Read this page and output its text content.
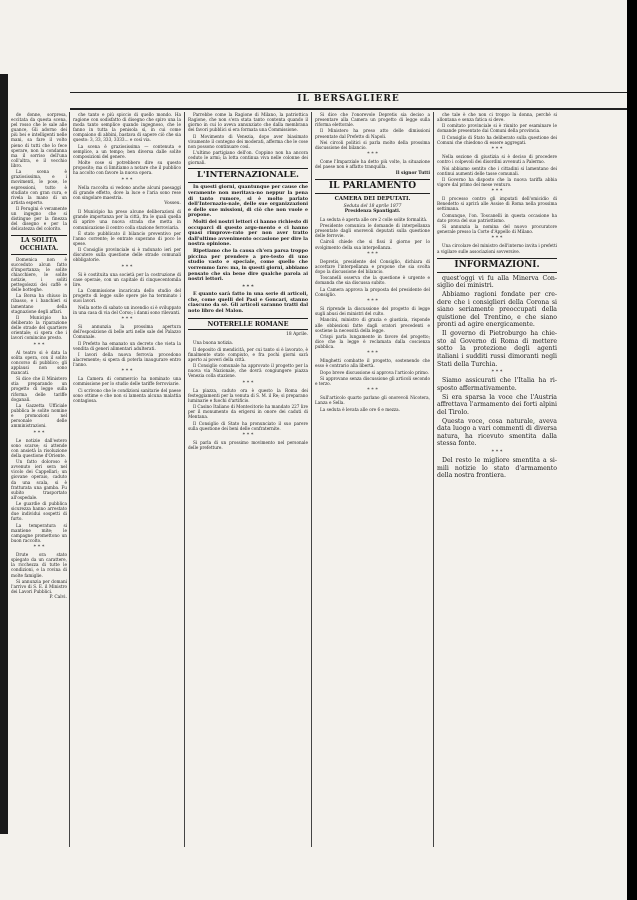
IL BERSAGLIERE
de donne, sorpresa, eccitata da questa scena, pel rosso che le sale alle guance, Gli adorno dei più bei e intelligenti nelle mani, sa fare il volto pieno di tutti che lo fece sperare, non la condanna ma il sorriso dell'una coll'altra, e il vecchio libro.
La scena è graziosissima, e i movimenti, le pose, le espressioni, tutto è studiato con gran cura, e rivela la mano di un artista esperto.
Il Perugini è veramente un ingegno che si distingue per la finezza del disegno e per la delicatezza del colorito.
LA SOLITA OCCHIATA.
Domenica non è succeduto alcun fatto d'importanza; le solite chiacchiere, le solite notizie, i soliti pettegolezzi dei caffè e delle botteghe.
La Borsa ha chiuso in ribasso, e i banchieri si lamentano della stagnazione degli affari.
Il Municipio ha deliberato la riparazione delle strade del quartiere orientale; si spera che i lavori comincino presto.
* * *
Al teatro si è data la solita opera, con il solito concorso di pubblico; gli applausi non sono mancati.
Si dice che il Ministero stia preparando un progetto di legge sulla riforma delle tariffe doganali.
La Gazzetta Ufficiale pubblica le solite nomine e promozioni nel personale delle amministrazioni.
* * *
Le notizie dall'estero sono scarse; si attende con ansietà la risoluzione della questione d'Oriente.
Un fatto doloroso è avvenuto ieri sera nel vicolo dei Cappellari; un giovane operaio, caduto da una scala, si è fratturata una gamba. Fu subito trasportato all'ospedale.
Le guardie di pubblica sicurezza hanno arrestato due individui sospetti di furto.
La temperatura si mantiene mite; le campagne promettono un buon raccolto.
* * *
Drute ora stato spiegato da un carattere, la ricchezza di tutte le condizioni, e la rovina di molte famiglie.
Si annunzia per domani l'arrivo di S. E. il Ministro dei Lavori Pubblici.
P. Calvi.
che tanto e più spiccio di quello mondo. Ha ragione con sodisfatto di disegno che spiro una la moda tanto semplice quando ingegnoso, che le fanno in tutta la penisola sì, in cui come compaiono di abbini, bastava di sapere ciò che sia questo: 3, 33, 333, 3333... e così via.
La scena è graziosissima — contenuta e semplice, a un tempo; ben diversa dalle solite composizioni del genere.
Molte cose si potrebbero dire su questo proposito; ma ci limitiamo a notare che il pubblico ha accolto con favore la nuova opera.
* * *
Nella raccolta si vedono anche alcuni paesaggi di grande effetto, dove la luce e l'aria sono rese con singolare maestria.
Vosseu.
Il Municipio ha preso alcune deliberazioni di grande importanza per la città, fra le quali quella di aprire una nuova strada che metta in comunicazione il centro colla stazione ferroviaria.
È stato pubblicato il bilancio preventivo per l'anno corrente; le entrate superano di poco le spese.
Il Consiglio provinciale si è radunato ieri per discutere sulla questione delle strade comunali obbligatorie.
* * *
Si è costituita una società per la costruzione di case operaie, con un capitale di cinquecentomila lire.
La Commissione incaricata dello studio del progetto di legge sulle opere pie ha terminato i suoi lavori.
Nella notte di sabato un incendio si è sviluppato in una casa di via del Corso; i danni sono rilevanti.
* * *
Si annunzia la prossima apertura dell'esposizione di belle arti nelle sale del Palazzo Comunale.
Il Prefetto ha emanato un decreto che vieta la vendita di generi alimentari adulterati.
I lavori della nuova ferrovia procedono alacremente; si spera di poterla inaugurare entro l'anno.
* * *
La Camera di commercio ha nominato una commissione per lo studio delle tariffe ferroviarie.
Ci scrivono che le condizioni sanitarie del paese sono ottime e che non si lamenta alcuna malattia contagiosa.
Parrebbe come la Ragione di Milano, la patriottica Ragione, che non s'era stata tanto contenta quando il giorno in cui lo aveva annunziato che dalla membrana dei favori pubblici si era formata una Commissione.
Il Movimento di Venezia, dopo aver biasimato vivamente il contegno dei moderati, afferma che le cose non possono continuare così.
L'ultimo partigiano dell'on. Coppino non ha ancora ceduto le armi; la lotta continua viva nelle colonne dei giornali.
L'INTERNAZIONALE.
In questi giorni, quantunque per cause che veramente non meritava-no neppur la pena di tanto rumore, si è molto parlato dell'Internazio-nale, delle sue organizzazioni e delle sue missioni, di ciò che non vuole e propone.
Molti dei nostri lettori ci hanno richiesto di occuparci di questo argo-mento e ci hanno quasi rimprove-rato per non aver tratto dall'ultimo avvenimento occasione per dire la nostra opinione.
Ripetiamo che la causa ch'era parsa troppo piccina per prendere a pre-testo di uno studio vasto e speciale, come quello che vorremmo fare: ma, in questi giorni, abbiamo pensato che sia bene dire qualche parola ai nostri lettori.
* * *
E quanto sarà fatto in una serie di articoli, che, come quelli del Pasi e Goncari, stanno ciascuno da sè. Gli articoli saranno tratti dal noto libro del Malon.
NOTERELLE ROMANE
18 Aprile.
Una buona notizia.
Il deposito di mendicità, per cui tanto si è lavorato, è finalmente stato compiuto, e fra pochi giorni sarà aperto ai poveri della città.
Il Consiglio comunale ha approvato il progetto per la nuova via Nazionale, che dovrà congiungere piazza Venezia colla stazione.
* * *
La piazza, caduto ora è questo la Roma dei festeggiamenti per la venuta di S. M. il Re; si preparano luminarie e fuochi d'artificio.
Il Casino Italiano di Montecitorio ha mandato 227 lire per il monumento da erigersi in onore dei caduti di Mentana.
Il Consiglio di Stato ha pronunciato il suo parere sulla questione dei beni delle confraternite.
* * *
Si parla di un prossimo movimento nel personale delle prefetture.
Si dice che l'onorevole Depretis sia deciso a presentare alla Camera un progetto di legge sulla riforma elettorale.
Il Ministero ha preso atto delle dimissioni presentate dal Prefetto di Napoli.
Nei circoli politici si parla molto della prossima discussione del bilancio.
* * *
Come l'Imparziale ha detto più volte, la situazione del paese non è affatto tranquilla.
Il signor Tutti
IL PARLAMENTO
CAMERA DEI DEPUTATI.
Seduta del 18 aprile 1877
Presidenza Spantigati.
La seduta è aperta alle ore 2 colle solite formalità.
Presidente comunica le domande di interpellanza presentate dagli onorevoli deputati sulla questione delle ferrovie.
Cairoli chiede che si fissi il giorno per lo svolgimento della sua interpellanza.
* * *
Depretis, presidente del Consiglio, dichiara di accettare l'interpellanza e propone che sia svolta dopo la discussione del bilancio.
Toscanelli osserva che la questione è urgente e domanda che sia discussa subito.
La Camera approva la proposta del presidente del Consiglio.
* * *
Si riprende la discussione del progetto di legge sugli abusi dei ministri del culto.
Mancini, ministro di grazia e giustizia, risponde alle obbiezioni fatte dagli oratori precedenti e sostiene la necessità della legge.
Crispi parla lungamente in favore del progetto; dice che la legge è reclamata dalla coscienza pubblica.
* * *
Minghetti combatte il progetto, sostenendo che esso è contrario alla libertà.
Dopo breve discussione si approva l'articolo primo.
Si approvano senza discussione gli articoli secondo e terzo.
* * *
Sull'articolo quarto parlano gli onorevoli Nicotera, Lanza e Sella.
La seduta è levata alle ore 6 e mezza.
che tale è che non ci troppo la donna, perchè si allontana e senza fatica si deve.
Il comitato provinciale si è riunito per esaminare le domande presentate dai Comuni della provincia.
Il Consiglio di Stato ha deliberato sulla questione dei Comuni che chiedono di essere aggregati.
* * *
Nella sezione di giustizia si è deciso di procedere contro i colpevoli dei disordini avvenuti a Palermo.
Noi abbiamo sentito che i cittadini si lamentano dei continui aumenti delle tasse comunali.
Il Governo ha disposto che la nuova tariffa abbia vigore dal primo del mese venturo.
* * *
Il processo contro gli imputati dell'omicidio di Benedetto si aprirà alle Assise di Roma nella prossima settimana.
Comunque, l'on. Toscanelli in questa occasione ha dato prova del suo patriottismo.
Si annunzia la nomina del nuovo procuratore generale presso la Corte d'Appello di Milano.
* * *
Una circolare del ministro dell'interno invita i prefetti a vigilare sulle associazioni sovversive.
INFORMAZIONI.
quest'oggi vi fu alla Minerva Con-siglio dei ministri.
Abbiamo ragioni fondate per cre-dere che i consiglieri della Corona si siano seriamente preoccupati della quistione del Trentino, e che siano pronti ad agire energicamente.
Il governo di Pietroburgo ha chie-sto al Governo di Roma di mettere sotto la protezione degli agenti italiani i sudditi russi dimoranti negli Stati della Turchia.
* * *
Siamo assicurati che l'Italia ha ri-sposto affermativamente.
Si era sparsa la voce che l'Austria affrettava l'armamento dei forti alpini del Tirolo.
Questa voce, cosa naturale, aveva data luogo a vari commenti di diversa natura, ha ricevuto smentita dalla stessa fonte.
* * *
Del resto le migliore smentita a si-mili notizie lo stato d'armamento della nostra frontiera.
